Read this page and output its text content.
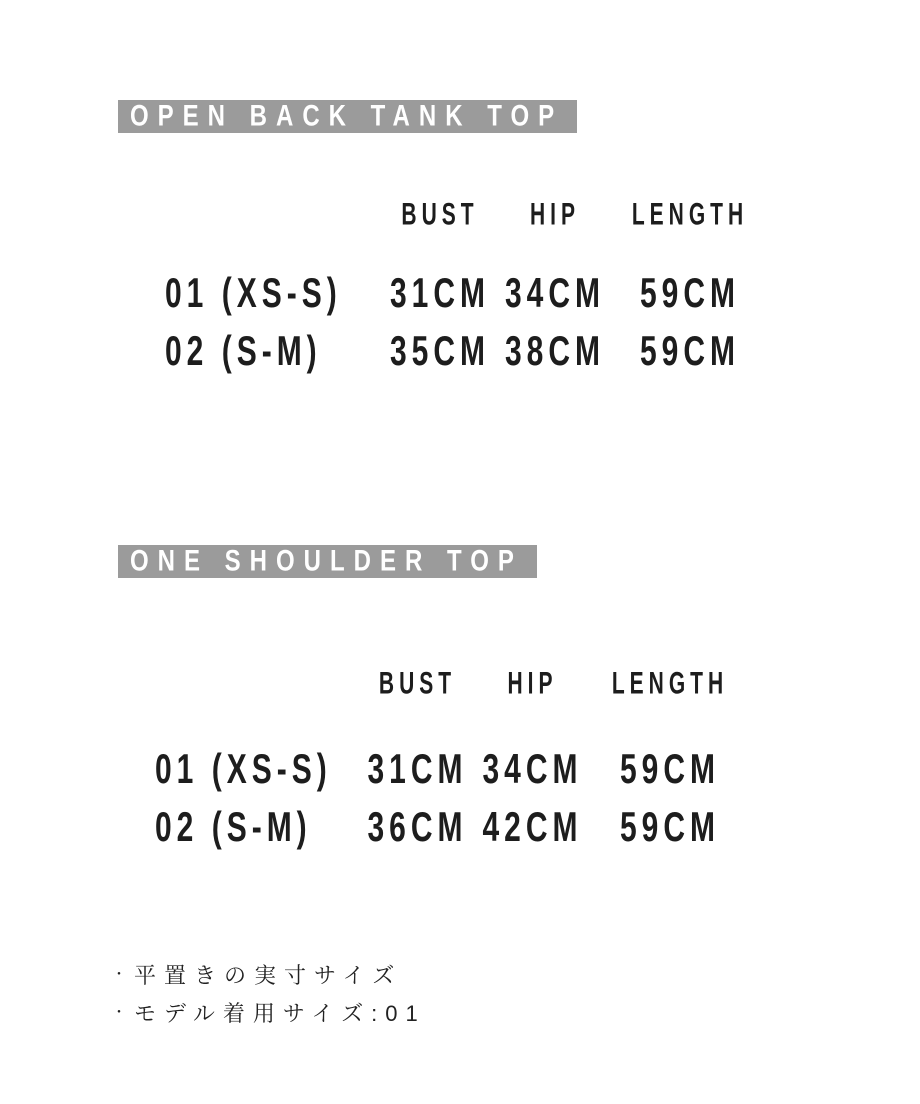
OPEN BACK TANK TOP
BUST	HIP	LENGTH
01 (XS-S)	31CM 34CM	59CM
02 (S-M)	35CM 38CM	59CM
ONE SHOULDER TOP
BUST	HIP	LENGTH
01 (XS-S)	31CM 34CM	59CM
02 (S-M)	36CM 42CM	59CM
・ 平置きの実寸サイズ
・ モデル着用サイズ:01
